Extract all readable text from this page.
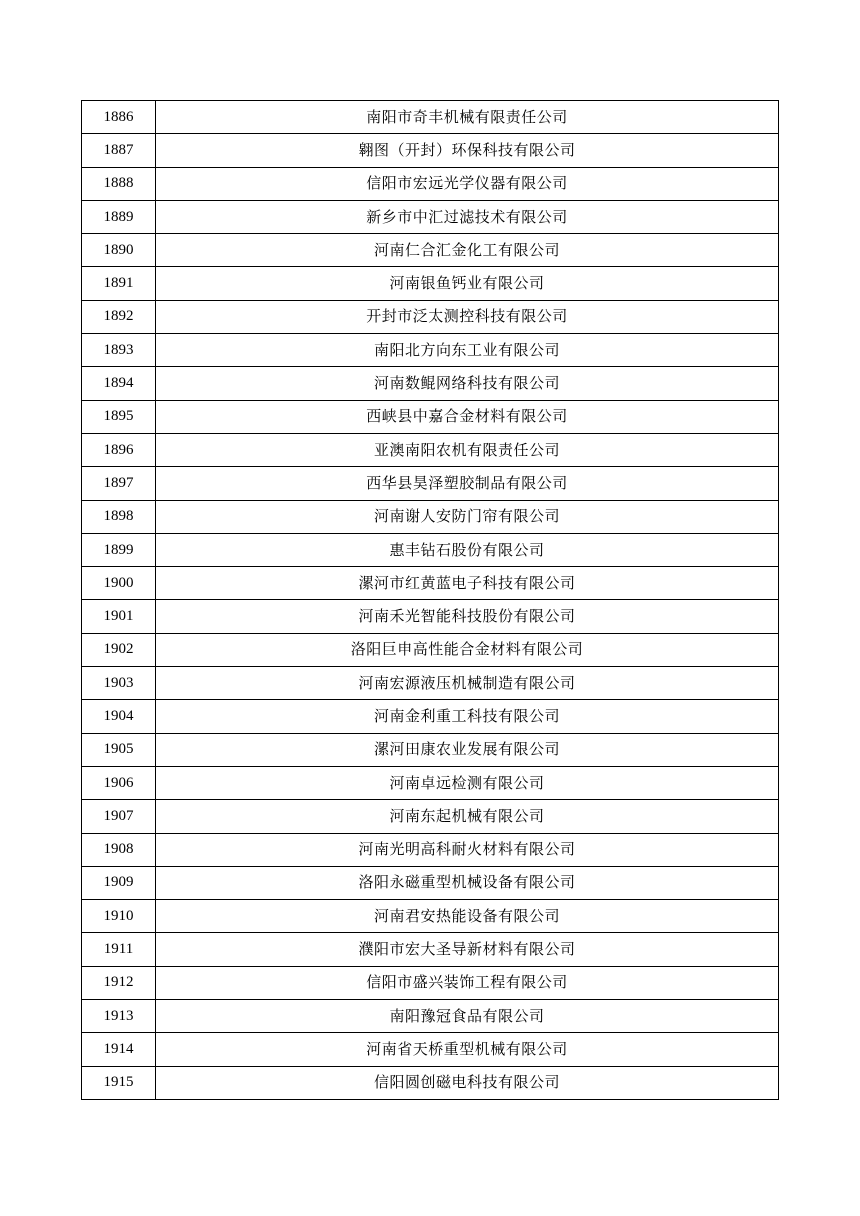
1886	南阳市奇丰机械有限责任公司
1887	翱图（开封）环保科技有限公司
1888	信阳市宏远光学仪器有限公司
1889	新乡市中汇过滤技术有限公司
1890	河南仁合汇金化工有限公司
1891	河南银鱼钙业有限公司
1892	开封市泛太测控科技有限公司
1893	南阳北方向东工业有限公司
1894	河南数鲲网络科技有限公司
1895	西峡县中嘉合金材料有限公司
1896	亚澳南阳农机有限责任公司
1897	西华县昊泽塑胶制品有限公司
1898	河南谢人安防门帘有限公司
1899	惠丰钻石股份有限公司
1900	漯河市红黄蓝电子科技有限公司
1901	河南禾光智能科技股份有限公司
1902	洛阳巨申高性能合金材料有限公司
1903	河南宏源液压机械制造有限公司
1904	河南金利重工科技有限公司
1905	漯河田康农业发展有限公司
1906	河南卓远检测有限公司
1907	河南东起机械有限公司
1908	河南光明高科耐火材料有限公司
1909	洛阳永磁重型机械设备有限公司
1910	河南君安热能设备有限公司
1911	濮阳市宏大圣导新材料有限公司
1912	信阳市盛兴装饰工程有限公司
1913	南阳豫冠食品有限公司
1914	河南省天桥重型机械有限公司
1915	信阳圆创磁电科技有限公司
